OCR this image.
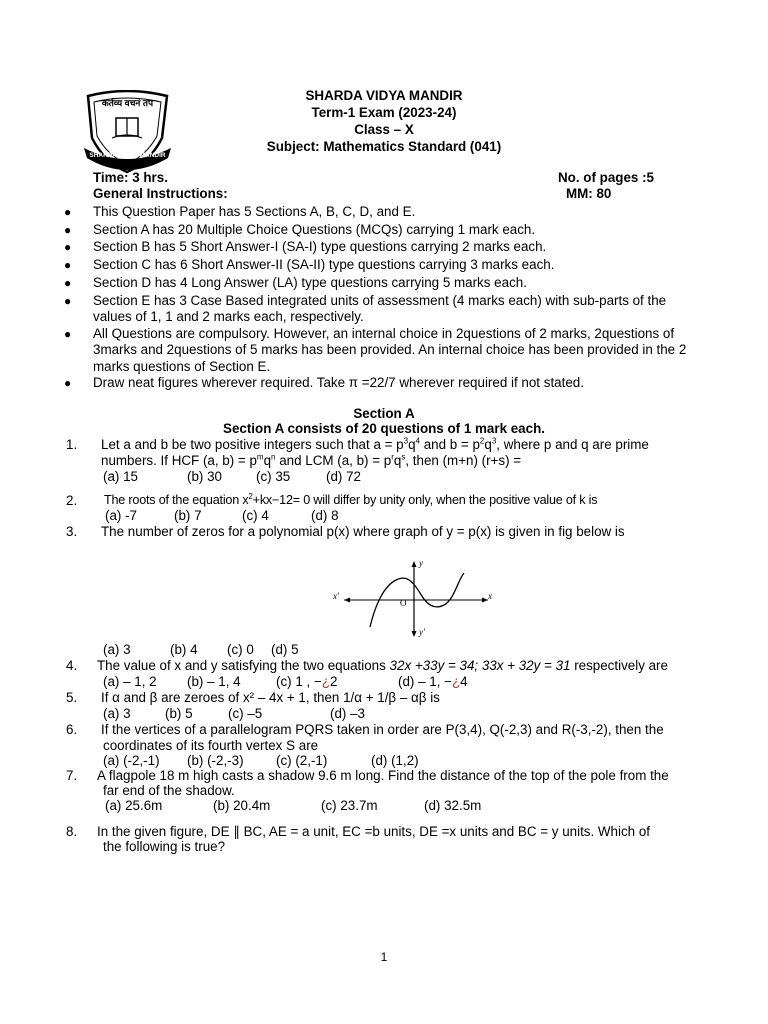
कर्तव्य वचनं तप
SHARDA VIDYA MANDIR
SHARDA VIDYA MANDIR
Term-1 Exam (2023-24)
Class – X
Subject: Mathematics Standard (041)
Time: 3 hrs.	No. of pages :5
General Instructions:	MM: 80
● This Question Paper has 5 Sections A, B, C, D, and E.
● Section A has 20 Multiple Choice Questions (MCQs) carrying 1 mark each.
● Section B has 5 Short Answer-I (SA-I) type questions carrying 2 marks each.
● Section C has 6 Short Answer-II (SA-II) type questions carrying 3 marks each.
● Section D has 4 Long Answer (LA) type questions carrying 5 marks each.
● Section E has 3 Case Based integrated units of assessment (4 marks each) with sub-parts of the values of 1, 1 and 2 marks each, respectively.
● All Questions are compulsory. However, an internal choice in 2questions of 2 marks, 2questions of 3marks and 2questions of 5 marks has been provided. An internal choice has been provided in the 2 marks questions of Section E.
● Draw neat figures wherever required. Take π =22/7 wherever required if not stated.
Section A
Section A consists of 20 questions of 1 mark each.
1. Let a and b be two positive integers such that $a = p^3q^4$ and $b = p^2q^3$, where p and q are prime
numbers. If HCF (a, $b) = p^mq^n$ and LCM (a, $b) = p^rq^s$, then (m+n) (r+s) =
(a) 15	(b) 30	(c) 35	(d) 72
2. The roots of the equation $x^2+kx-12= 0$ will differ by unity only, when the positive value of k is
(a) -7	(b) 7	(c) 4	(d) 8
3. The number of zeros for a polynomial p(x) where graph of y = p(x) is given in fig below is
x'	x
y
y'
O
(a) 3	(b) 4 (c) 0 (d) 5
4. The value of x and y satisfying the two equations 32x +33y = 34; 33x + 32y = 31 respectively are
(a) – 1, 2 (b) – 1, 4	(c) 1 , −¿2	(d) – 1, −¿4
5. If α and β are zeroes of x² – 4x + 1, then 1/α + 1/β – αβ is
(a) 3	(b) 5	(c) –5	(d) –3
6. If the vertices of a parallelogram PQRS taken in order are P(3,4), Q(-2,3) and R(-3,-2), then the
coordinates of its fourth vertex S are
(a) (-2,-1) (b) (-2,-3) (c) (2,-1)	(d) (1,2)
7. A flagpole 18 m high casts a shadow 9.6 m long. Find the distance of the top of the pole from the
far end of the shadow.
(a) 25.6m	(b) 20.4m	(c) 23.7m	(d) 32.5m
8. In the given figure, DE ∥ BC, AE = a unit, EC =b units, DE =x units and BC = y units. Which of
the following is true?
1
